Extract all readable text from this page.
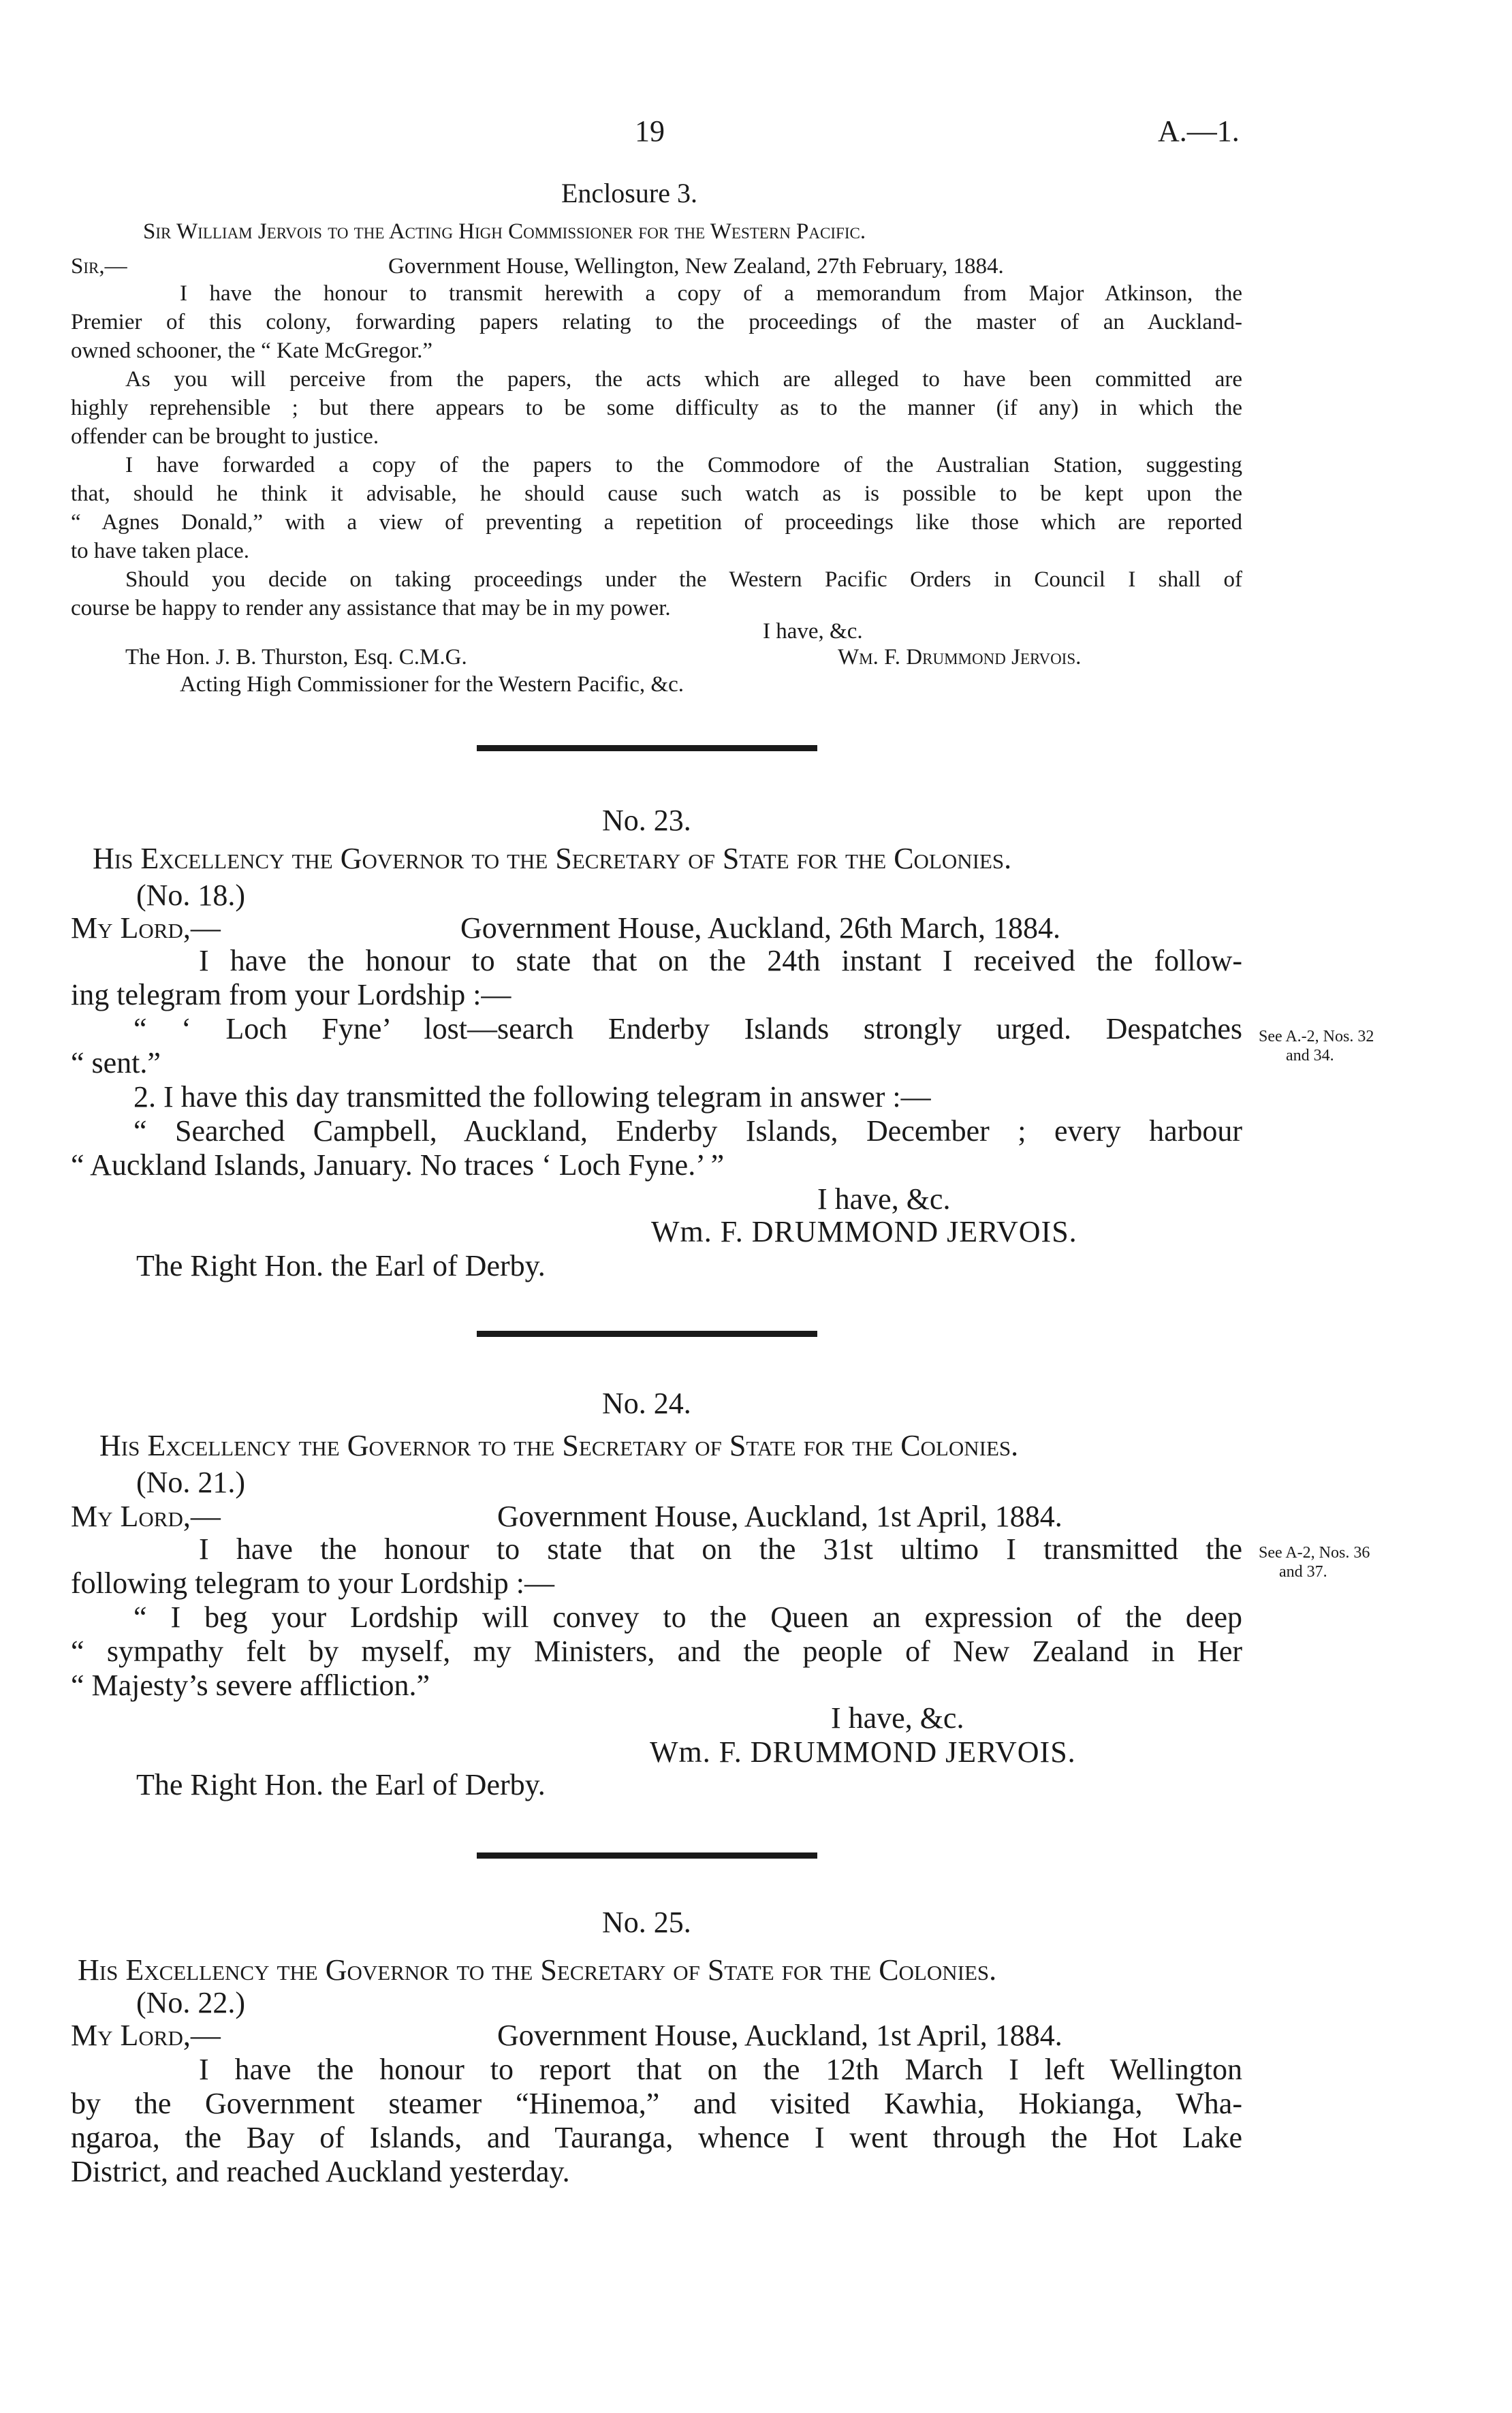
19	A.—1.
Enclosure 3.
Sir William Jervois to the Acting High Commissioner for the Western Pacific.
Sir,—	Government House, Wellington, New Zealand, 27th February, 1884.
I have the honour to transmit herewith a copy of a memorandum from Major Atkinson, the
Premier of this colony, forwarding papers relating to the proceedings of the master of an Auckland-
owned schooner, the “ Kate McGregor.”
As you will perceive from the papers, the acts which are alleged to have been committed are
highly reprehensible ; but there appears to be some difficulty as to the manner (if any) in which the
offender can be brought to justice.
I have forwarded a copy of the papers to the Commodore of the Australian Station, suggesting
that, should he think it advisable, he should cause such watch as is possible to be kept upon the
“ Agnes Donald,” with a view of preventing a repetition of proceedings like those which are reported
to have taken place.
Should you decide on taking proceedings under the Western Pacific Orders in Council I shall of
course be happy to render any assistance that may be in my power.
I have, &c.
The Hon. J. B. Thurston, Esq. C.M.G.	Wm. F. Drummond Jervois.
Acting High Commissioner for the Western Pacific, &c.
No. 23.
His Excellency the Governor to the Secretary of State for the Colonies.
(No. 18.)
My Lord,—	Government House, Auckland, 26th March, 1884.
I have the honour to state that on the 24th instant I received the follow-
ing telegram from your Lordship :—
“ ‘ Loch Fyne’ lost—search Enderby Islands strongly urged. Despatches
“ sent.”
2. I have this day transmitted the following telegram in answer :—
“ Searched Campbell, Auckland, Enderby Islands, December ; every harbour
“ Auckland Islands, January. No traces ‘ Loch Fyne.’ ”
See A.-2, Nos. 32
and 34.
I have, &c.
Wm. F. DRUMMOND JERVOIS.
The Right Hon. the Earl of Derby.
No. 24.
His Excellency the Governor to the Secretary of State for the Colonies.
(No. 21.)
My Lord,—	Government House, Auckland, 1st April, 1884.
I have the honour to state that on the 31st ultimo I transmitted the
following telegram to your Lordship :—
“ I beg your Lordship will convey to the Queen an expression of the deep
“ sympathy felt by myself, my Ministers, and the people of New Zealand in Her
“ Majesty’s severe affliction.”
See A-2, Nos. 36
and 37.
I have, &c.
Wm. F. DRUMMOND JERVOIS.
The Right Hon. the Earl of Derby.
No. 25.
His Excellency the Governor to the Secretary of State for the Colonies.
(No. 22.)
My Lord,—	Government House, Auckland, 1st April, 1884.
I have the honour to report that on the 12th March I left Wellington
by the Government steamer “Hinemoa,” and visited Kawhia, Hokianga, Wha-
ngaroa, the Bay of Islands, and Tauranga, whence I went through the Hot Lake
District, and reached Auckland yesterday.
